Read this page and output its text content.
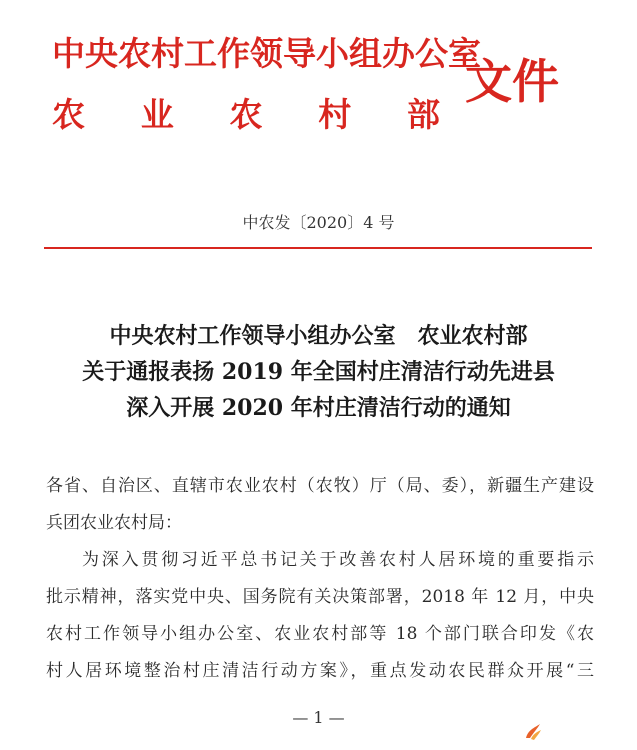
中央农村工作领导小组办公室
农 业 农 村 部
文件
中农发〔2020〕4 号
中央农村工作领导小组办公室　农业农村部
关于通报表扬 2019 年全国村庄清洁行动先进县
深入开展 2020 年村庄清洁行动的通知
各省、自治区、直辖市农业农村（农牧）厅（局、委），新疆生产建设
兵团农业农村局：
为深入贯彻习近平总书记关于改善农村人居环境的重要指示
批示精神，落实党中央、国务院有关决策部署，2018 年 12 月，中央
农村工作领导小组办公室、农业农村部等 18 个部门联合印发《农
村人居环境整治村庄清洁行动方案》，重点发动农民群众开展“三
— 1 —
